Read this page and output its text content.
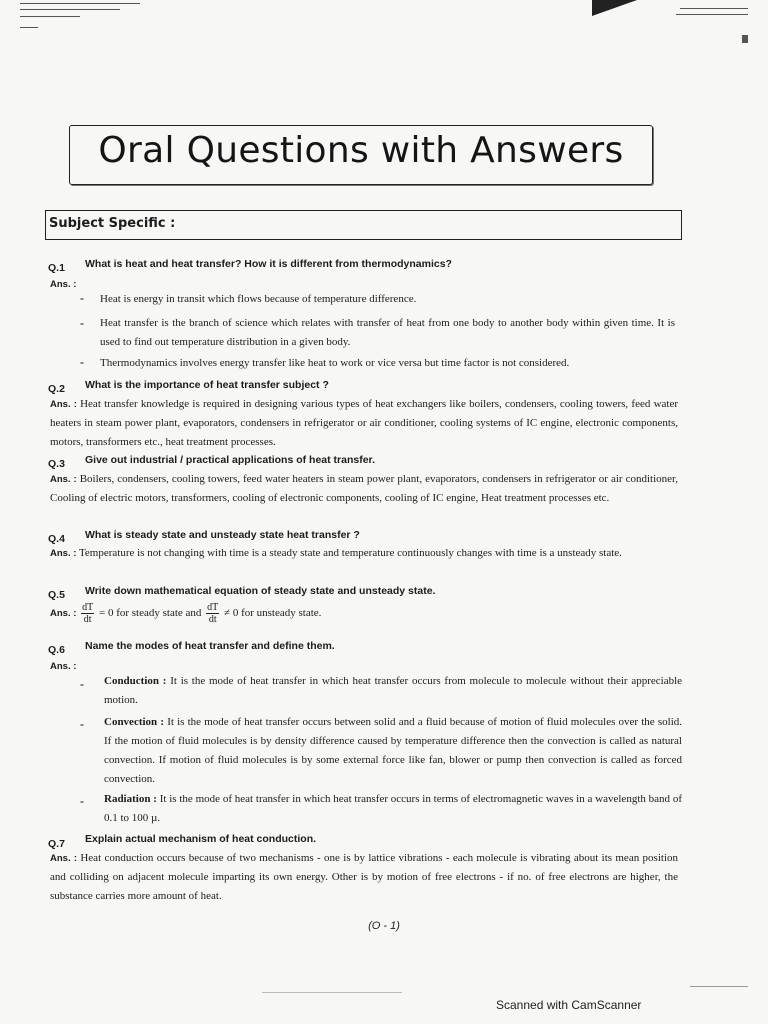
Oral Questions with Answers
Subject Specific :
Q.1 What is heat and heat transfer? How it is different from thermodynamics?
Ans. :
- Heat is energy in transit which flows because of temperature difference.
- Heat transfer is the branch of science which relates with transfer of heat from one body to another body within given time. It is used to find out temperature distribution in a given body.
- Thermodynamics involves energy transfer like heat to work or vice versa but time factor is not considered.
Q.2 What is the importance of heat transfer subject ?
Ans. : Heat transfer knowledge is required in designing various types of heat exchangers like boilers, condensers, cooling towers, feed water heaters in steam power plant, evaporators, condensers in refrigerator or air conditioner, cooling systems of IC engine, electronic components, motors, transformers etc., heat treatment processes.
Q.3 Give out industrial / practical applications of heat transfer.
Ans. : Boilers, condensers, cooling towers, feed water heaters in steam power plant, evaporators, condensers in refrigerator or air conditioner, Cooling of electric motors, transformers, cooling of electronic components, cooling of IC engine, Heat treatment processes etc.
Q.4 What is steady state and unsteady state heat transfer ?
Ans. : Temperature is not changing with time is a steady state and temperature continuously changes with time is a unsteady state.
Q.5 Write down mathematical equation of steady state and unsteady state.
Ans. : $\frac{dT}{dt} = 0$ for steady state and $\frac{dT}{dt} \ne 0$ for unsteady state.
Q.6 Name the modes of heat transfer and define them.
Ans. :
- Conduction : It is the mode of heat transfer in which heat transfer occurs from molecule to molecule without their appreciable motion.
- Convection : It is the mode of heat transfer occurs between solid and a fluid because of motion of fluid molecules over the solid. If the motion of fluid molecules is by density difference caused by temperature difference then the convection is called as natural convection. If motion of fluid molecules is by some external force like fan, blower or pump then convection is called as forced convection.
- Radiation : It is the mode of heat transfer in which heat transfer occurs in terms of electromagnetic waves in a wavelength band of 0.1 to 100 µ.
Q.7 Explain actual mechanism of heat conduction.
Ans. : Heat conduction occurs because of two mechanisms - one is by lattice vibrations - each molecule is vibrating about its mean position and colliding on adjacent molecule imparting its own energy. Other is by motion of free electrons - if no. of free electrons are higher, the substance carries more amount of heat.
(O - 1)
Scanned with CamScanner
